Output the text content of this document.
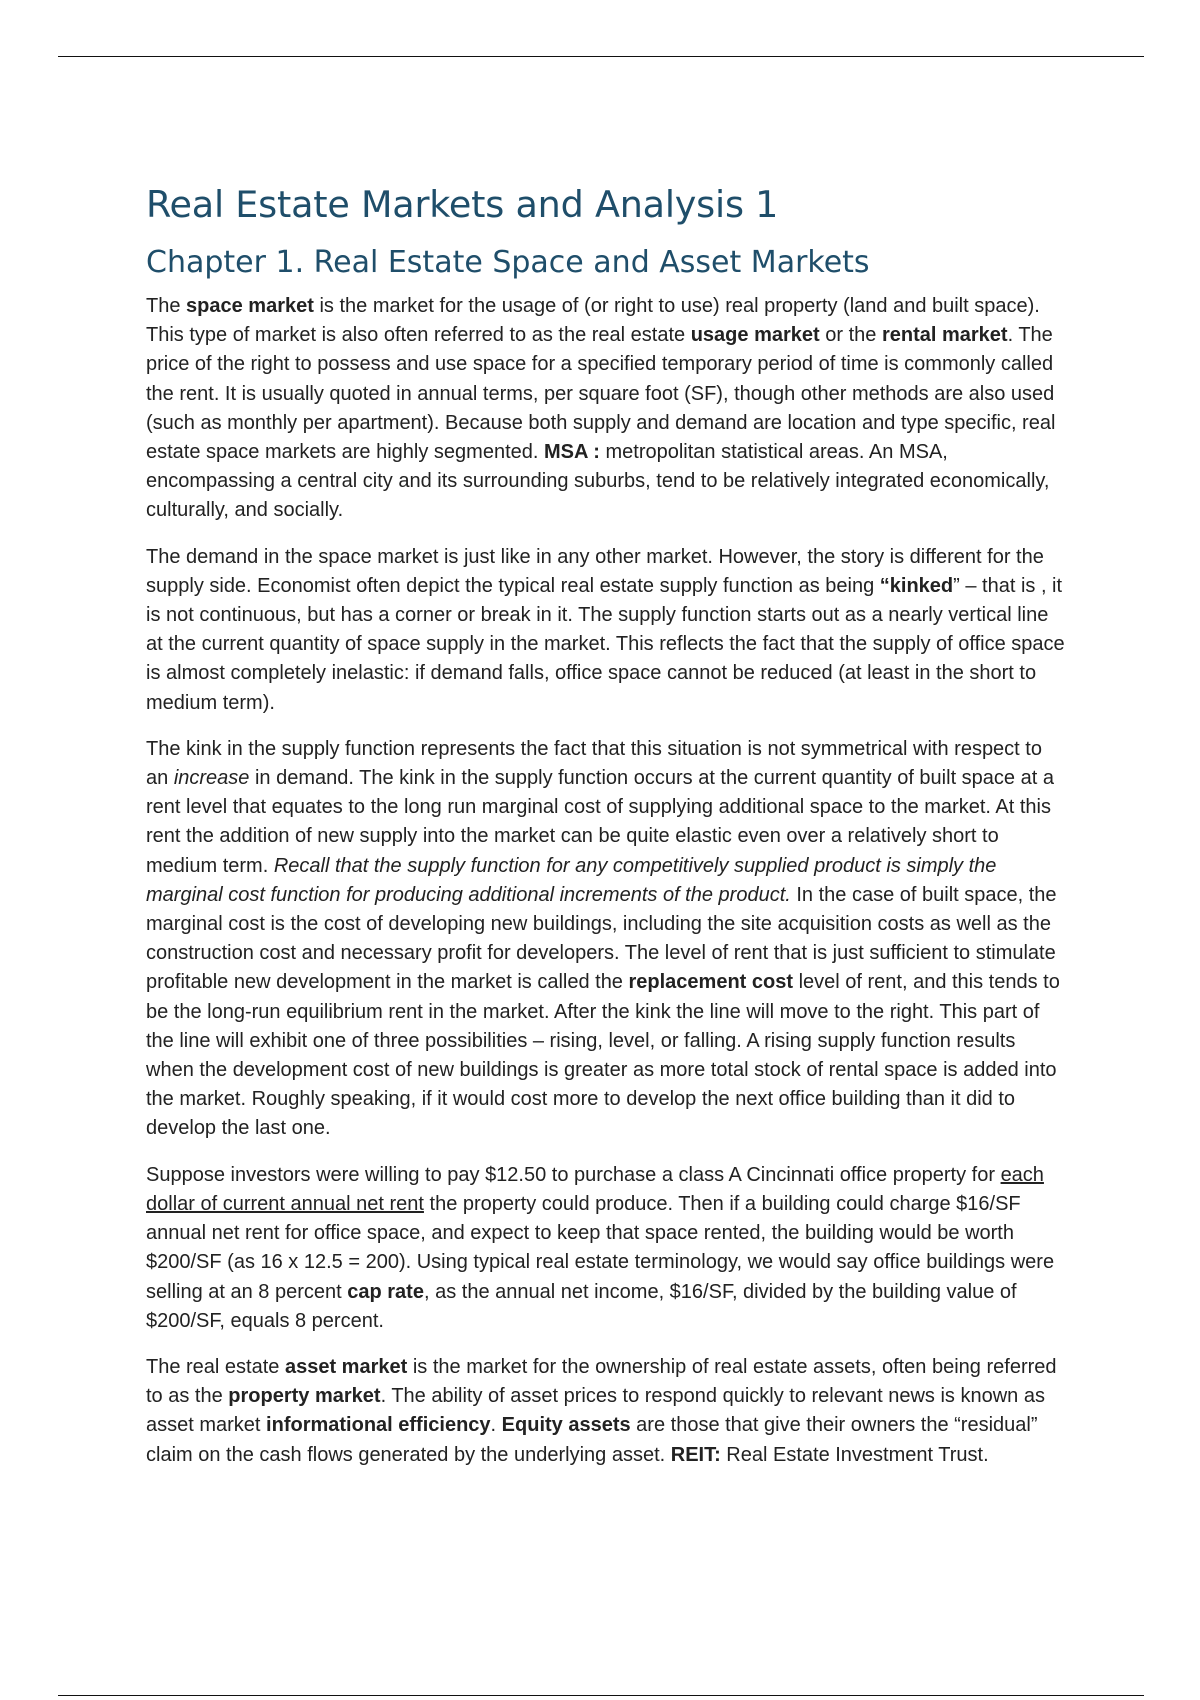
Real Estate Markets and Analysis 1
Chapter 1. Real Estate Space and Asset Markets

The space market is the market for the usage of (or right to use) real property (land and built space). This type of market is also often referred to as the real estate usage market or the rental market. The price of the right to possess and use space for a specified temporary period of time is commonly called the rent. It is usually quoted in annual terms, per square foot (SF), though other methods are also used (such as monthly per apartment). Because both supply and demand are location and type specific, real estate space markets are highly segmented. MSA : metropolitan statistical areas. An MSA, encompassing a central city and its surrounding suburbs, tend to be relatively integrated economically, culturally, and socially.

The demand in the space market is just like in any other market. However, the story is different for the supply side. Economist often depict the typical real estate supply function as being “kinked” – that is , it is not continuous, but has a corner or break in it. The supply function starts out as a nearly vertical line at the current quantity of space supply in the market. This reflects the fact that the supply of office space is almost completely inelastic: if demand falls, office space cannot be reduced (at least in the short to medium term).

The kink in the supply function represents the fact that this situation is not symmetrical with respect to an increase in demand. The kink in the supply function occurs at the current quantity of built space at a rent level that equates to the long run marginal cost of supplying additional space to the market. At this rent the addition of new supply into the market can be quite elastic even over a relatively short to medium term. Recall that the supply function for any competitively supplied product is simply the marginal cost function for producing additional increments of the product. In the case of built space, the marginal cost is the cost of developing new buildings, including the site acquisition costs as well as the construction cost and necessary profit for developers. The level of rent that is just sufficient to stimulate profitable new development in the market is called the replacement cost level of rent, and this tends to be the long-run equilibrium rent in the market. After the kink the line will move to the right. This part of the line will exhibit one of three possibilities – rising, level, or falling. A rising supply function results when the development cost of new buildings is greater as more total stock of rental space is added into the market. Roughly speaking, if it would cost more to develop the next office building than it did to develop the last one.

Suppose investors were willing to pay $12.50 to purchase a class A Cincinnati office property for each dollar of current annual net rent the property could produce. Then if a building could charge $16/SF annual net rent for office space, and expect to keep that space rented, the building would be worth $200/SF (as 16 x 12.5 = 200). Using typical real estate terminology, we would say office buildings were selling at an 8 percent cap rate, as the annual net income, $16/SF, divided by the building value of $200/SF, equals 8 percent.

The real estate asset market is the market for the ownership of real estate assets, often being referred to as the property market. The ability of asset prices to respond quickly to relevant news is known as asset market informational efficiency. Equity assets are those that give their owners the “residual” claim on the cash flows generated by the underlying asset. REIT: Real Estate Investment Trust.
